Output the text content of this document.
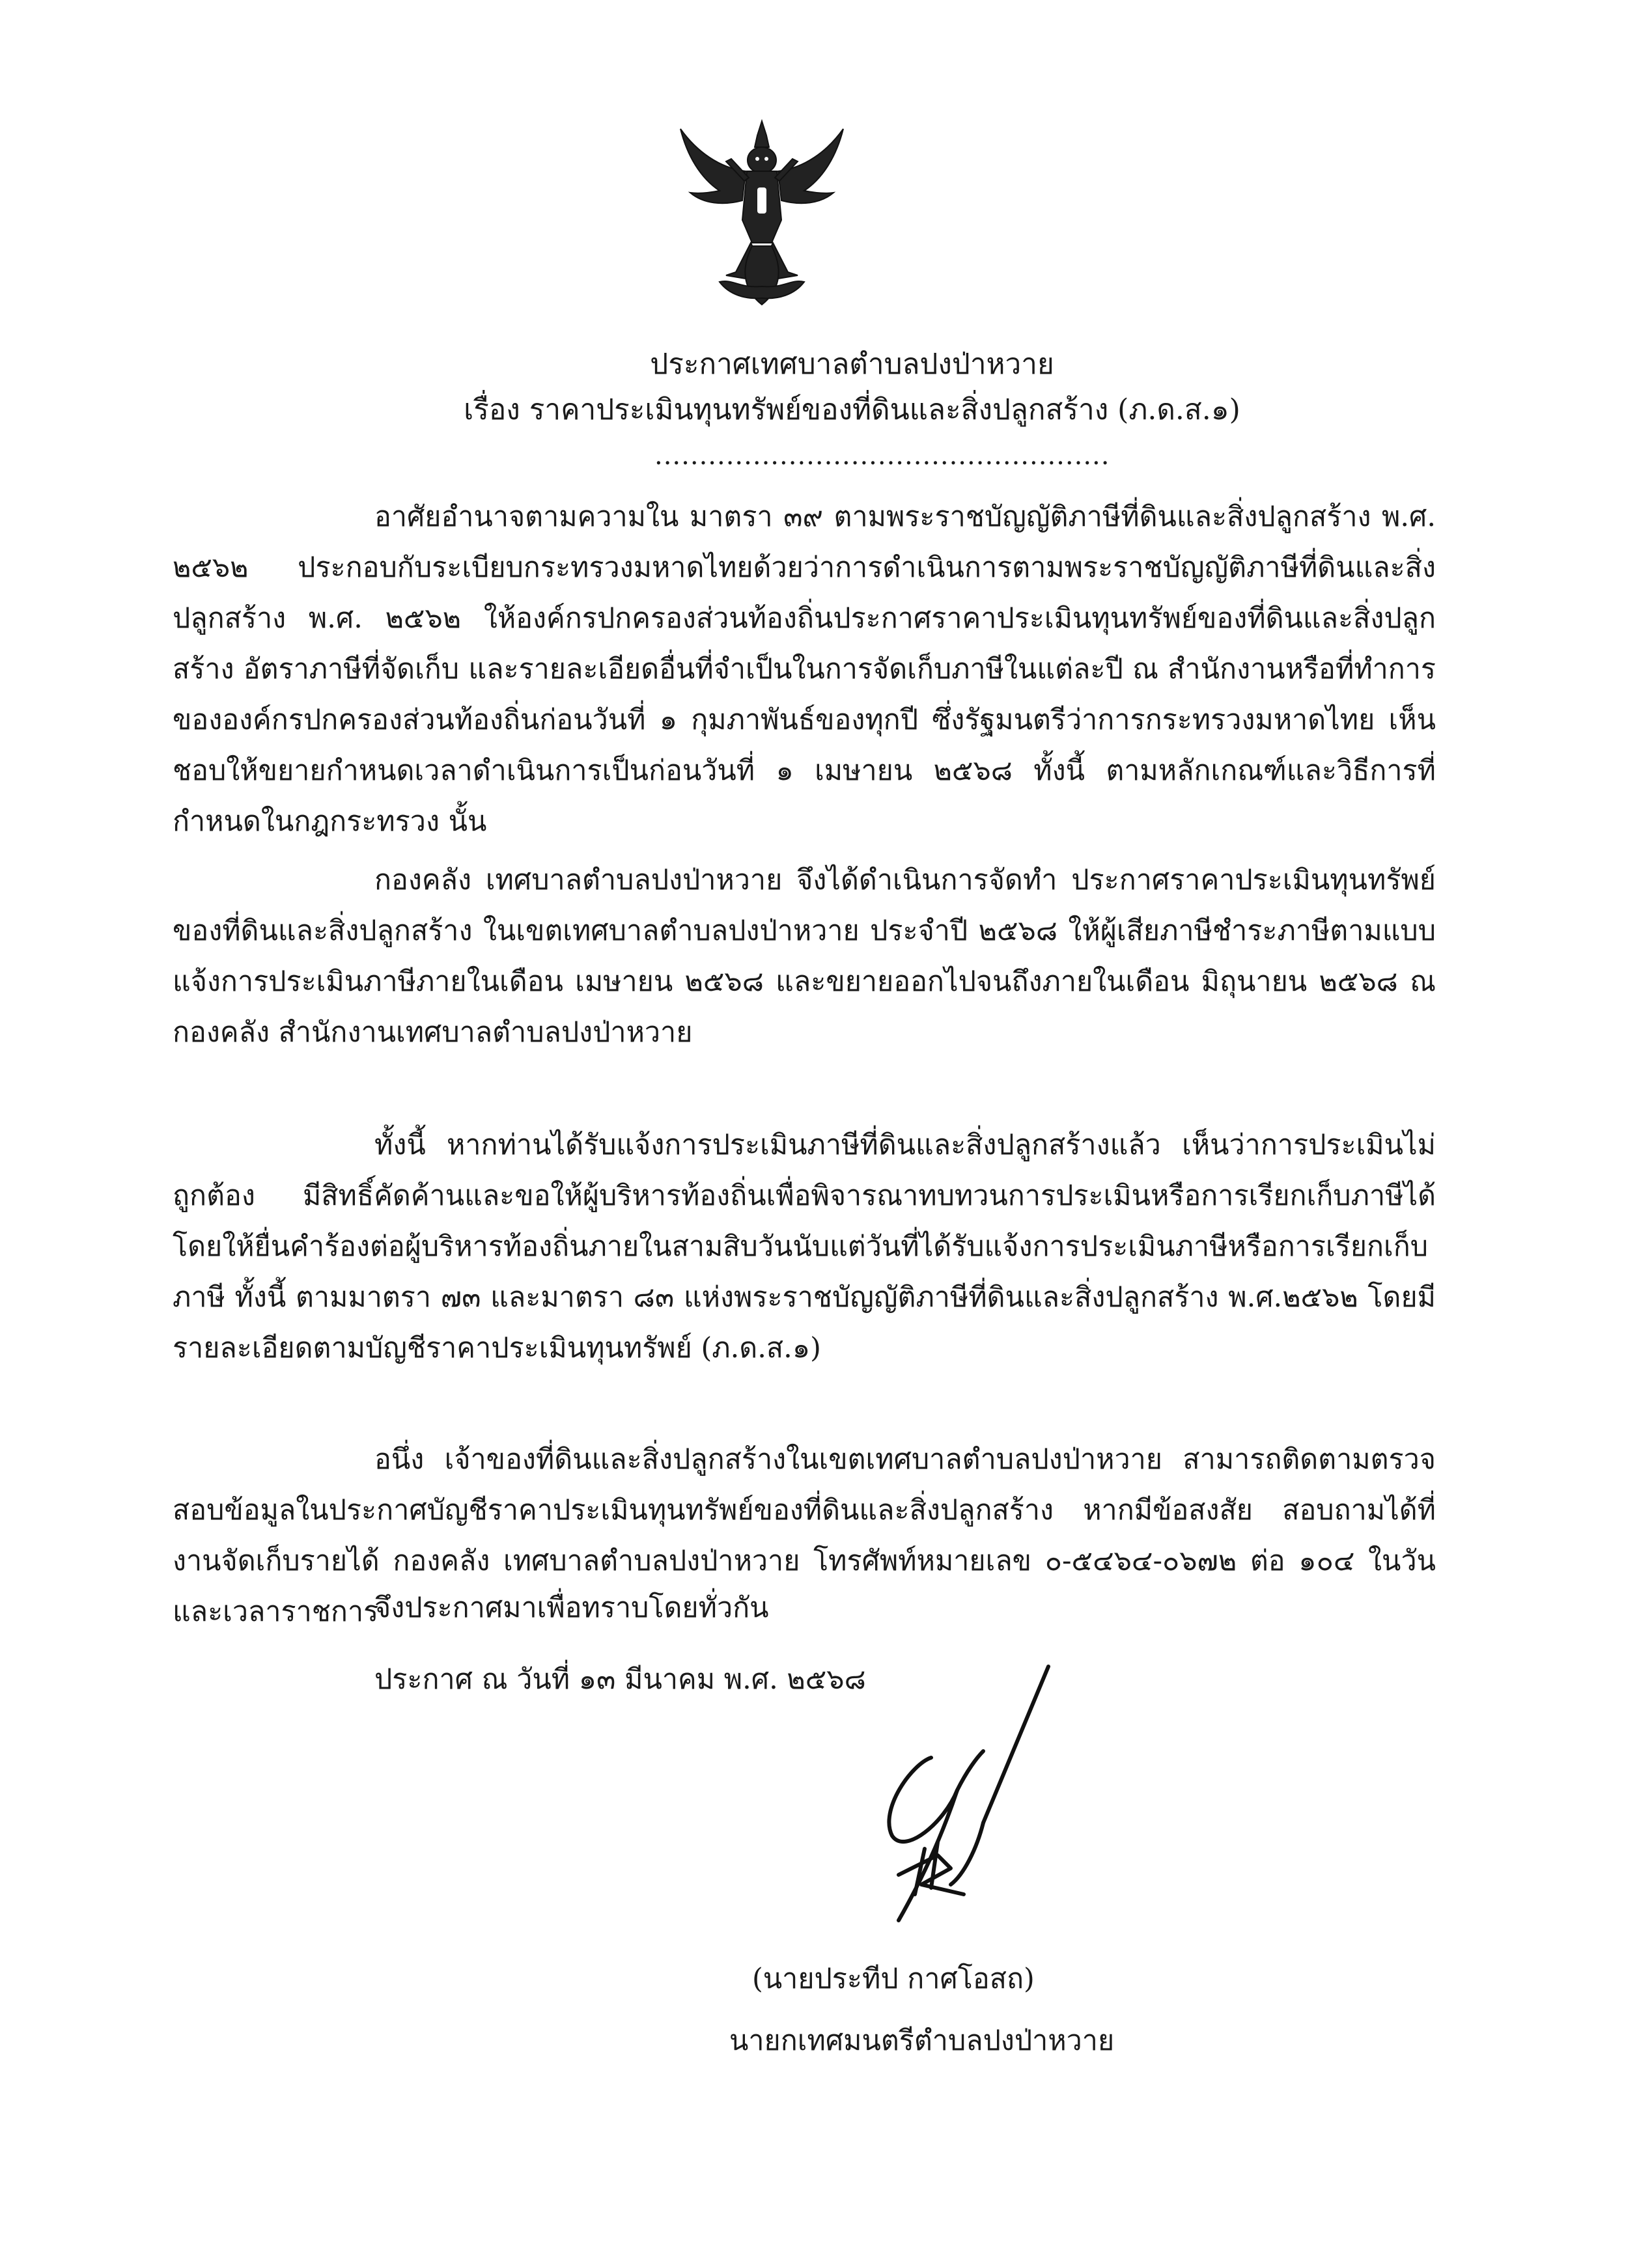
ประกาศเทศบาลตำบลปงป่าหวาย
เรื่อง ราคาประเมินทุนทรัพย์ของที่ดินและสิ่งปลูกสร้าง (ภ.ด.ส.๑)
...................................................

อาศัยอำนาจตามความใน มาตรา ๓๙ ตามพระราชบัญญัติภาษีที่ดินและสิ่งปลูกสร้าง พ.ศ. ๒๕๖๒ ประกอบกับระเบียบกระทรวงมหาดไทยด้วยว่าการดำเนินการตามพระราชบัญญัติภาษีที่ดินและสิ่งปลูกสร้าง พ.ศ. ๒๕๖๒ ให้องค์กรปกครองส่วนท้องถิ่นประกาศราคาประเมินทุนทรัพย์ของที่ดินและสิ่งปลูกสร้าง อัตราภาษีที่จัดเก็บ และรายละเอียดอื่นที่จำเป็นในการจัดเก็บภาษีในแต่ละปี ณ สำนักงานหรือที่ทำการขององค์กรปกครองส่วนท้องถิ่นก่อนวันที่ ๑ กุมภาพันธ์ของทุกปี ซึ่งรัฐมนตรีว่าการกระทรวงมหาดไทย เห็นชอบให้ขยายกำหนดเวลาดำเนินการเป็นก่อนวันที่ ๑ เมษายน ๒๕๖๘ ทั้งนี้ ตามหลักเกณฑ์และวิธีการที่กำหนดในกฎกระทรวง นั้น

กองคลัง เทศบาลตำบลปงป่าหวาย จึงได้ดำเนินการจัดทำ ประกาศราคาประเมินทุนทรัพย์ของที่ดินและสิ่งปลูกสร้าง ในเขตเทศบาลตำบลปงป่าหวาย ประจำปี ๒๕๖๘ ให้ผู้เสียภาษีชำระภาษีตามแบบแจ้งการประเมินภาษีภายในเดือน เมษายน ๒๕๖๘ และขยายออกไปจนถึงภายในเดือน มิถุนายน ๒๕๖๘ ณ กองคลัง สำนักงานเทศบาลตำบลปงป่าหวาย

ทั้งนี้ หากท่านได้รับแจ้งการประเมินภาษีที่ดินและสิ่งปลูกสร้างแล้ว เห็นว่าการประเมินไม่ถูกต้อง มีสิทธิ์คัดค้านและขอให้ผู้บริหารท้องถิ่นเพื่อพิจารณาทบทวนการประเมินหรือการเรียกเก็บภาษีได้ โดยให้ยื่นคำร้องต่อผู้บริหารท้องถิ่นภายในสามสิบวันนับแต่วันที่ได้รับแจ้งการประเมินภาษีหรือการเรียกเก็บภาษี ทั้งนี้ ตามมาตรา ๗๓ และมาตรา ๘๓ แห่งพระราชบัญญัติภาษีที่ดินและสิ่งปลูกสร้าง พ.ศ.๒๕๖๒ โดยมีรายละเอียดตามบัญชีราคาประเมินทุนทรัพย์ (ภ.ด.ส.๑)

อนึ่ง เจ้าของที่ดินและสิ่งปลูกสร้างในเขตเทศบาลตำบลปงป่าหวาย สามารถติดตามตรวจสอบข้อมูลในประกาศบัญชีราคาประเมินทุนทรัพย์ของที่ดินและสิ่งปลูกสร้าง หากมีข้อสงสัย สอบถามได้ที่ งานจัดเก็บรายได้ กองคลัง เทศบาลตำบลปงป่าหวาย โทรศัพท์หมายเลข ๐-๕๔๖๔-๐๖๗๒ ต่อ ๑๐๔ ในวันและเวลาราชการ

จึงประกาศมาเพื่อทราบโดยทั่วกัน
ประกาศ ณ วันที่ ๑๓ มีนาคม พ.ศ. ๒๕๖๘
(นายประทีป กาศโอสถ)
นายกเทศมนตรีตำบลปงป่าหวาย
